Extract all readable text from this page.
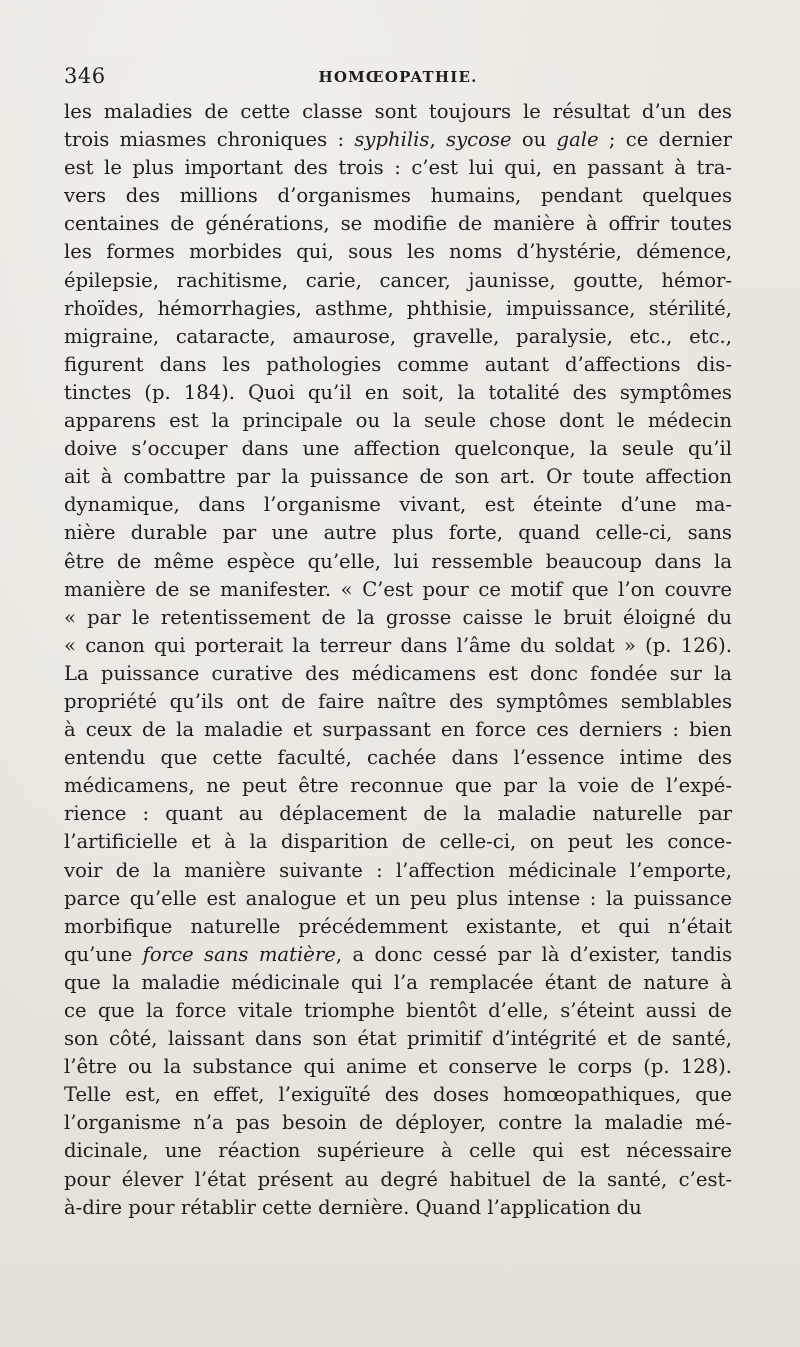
346	HOMŒOPATHIE.
les maladies de cette classe sont toujours le résultat d’un des
trois miasmes chroniques : syphilis, sycose ou gale ; ce dernier
est le plus important des trois : c’est lui qui, en passant à tra-
vers des millions d’organismes humains, pendant quelques
centaines de générations, se modifie de manière à offrir toutes
les formes morbides qui, sous les noms d’hystérie, démence,
épilepsie, rachitisme, carie, cancer, jaunisse, goutte, hémor-
rhoïdes, hémorrhagies, asthme, phthisie, impuissance, stérilité,
migraine, cataracte, amaurose, gravelle, paralysie, etc., etc.,
figurent dans les pathologies comme autant d’affections dis-
tinctes (p. 184). Quoi qu’il en soit, la totalité des symptômes
apparens est la principale ou la seule chose dont le médecin
doive s’occuper dans une affection quelconque, la seule qu’il
ait à combattre par la puissance de son art. Or toute affection
dynamique, dans l’organisme vivant, est éteinte d’une ma-
nière durable par une autre plus forte, quand celle-ci, sans
être de même espèce qu’elle, lui ressemble beaucoup dans la
manière de se manifester. « C’est pour ce motif que l’on couvre
« par le retentissement de la grosse caisse le bruit éloigné du
« canon qui porterait la terreur dans l’âme du soldat » (p. 126).
La puissance curative des médicamens est donc fondée sur la
propriété qu’ils ont de faire naître des symptômes semblables
à ceux de la maladie et surpassant en force ces derniers : bien
entendu que cette faculté, cachée dans l’essence intime des
médicamens, ne peut être reconnue que par la voie de l’expé-
rience : quant au déplacement de la maladie naturelle par
l’artificielle et à la disparition de celle-ci, on peut les conce-
voir de la manière suivante : l’affection médicinale l’emporte,
parce qu’elle est analogue et un peu plus intense : la puissance
morbifique naturelle précédemment existante, et qui n’était
qu’une force sans matière, a donc cessé par là d’exister, tandis
que la maladie médicinale qui l’a remplacée étant de nature à
ce que la force vitale triomphe bientôt d’elle, s’éteint aussi de
son côté, laissant dans son état primitif d’intégrité et de santé,
l’être ou la substance qui anime et conserve le corps (p. 128).
Telle est, en effet, l’exiguïté des doses homœopathiques, que
l’organisme n’a pas besoin de déployer, contre la maladie mé-
dicinale, une réaction supérieure à celle qui est nécessaire
pour élever l’état présent au degré habituel de la santé, c’est-
à-dire pour rétablir cette dernière. Quand l’application du
